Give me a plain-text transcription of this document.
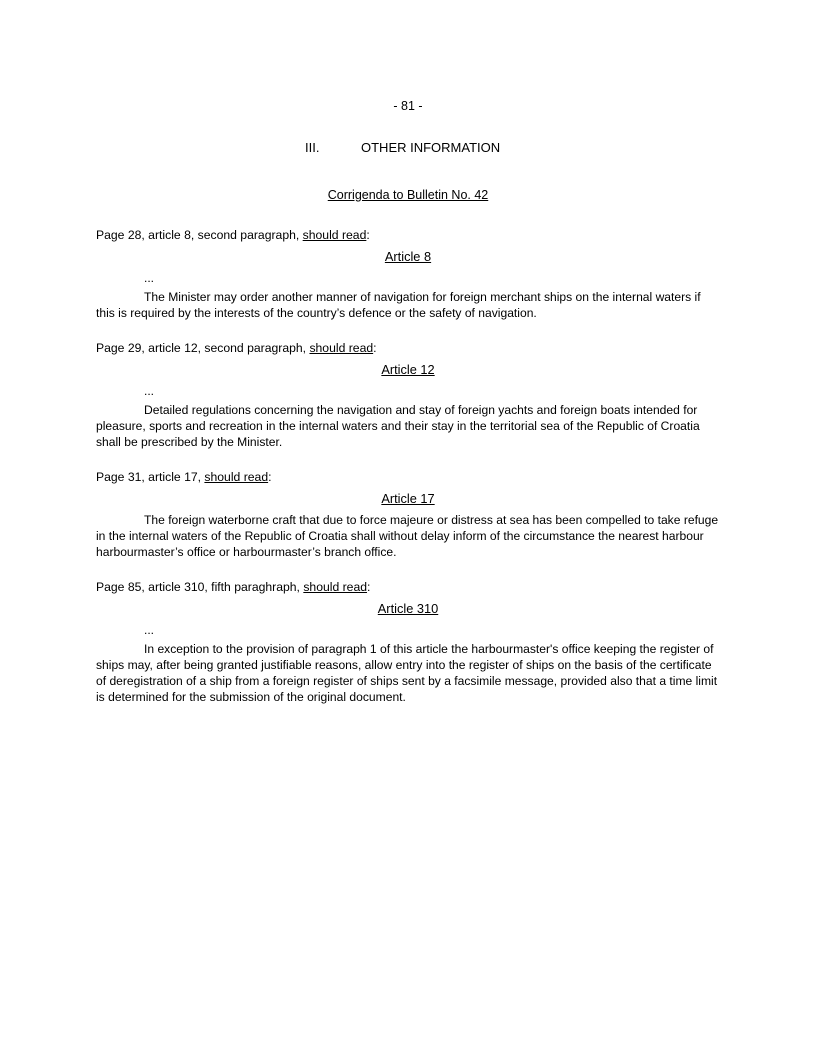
- 81 -
III.	OTHER INFORMATION
Corrigenda to Bulletin No. 42

Page 28, article 8, second paragraph, should read:

Article 8
...

The Minister may order another manner of navigation for foreign merchant ships on the internal waters if this is required by the interests of the country’s defence or the safety of navigation.

Page 29, article 12, second paragraph, should read:

Article 12
...

Detailed regulations concerning the navigation and stay of foreign yachts and foreign boats intended for pleasure, sports and recreation in the internal waters and their stay in the territorial sea of the Republic of Croatia shall be prescribed by the Minister.

Page 31, article 17, should read:

Article 17

The foreign waterborne craft that due to force majeure or distress at sea has been compelled to take refuge in the internal waters of the Republic of Croatia shall without delay inform of the circumstance the nearest harbour harbourmaster’s office or harbourmaster’s branch office.

Page 85, article 310, fifth paraghraph, should read:

Article 310
...

In exception to the provision of paragraph 1 of this article the harbourmaster's office keeping the register of ships may, after being granted justifiable reasons, allow entry into the register of ships on the basis of the certificate of deregistration of a ship from a foreign register of ships sent by a facsimile message, provided also that a time limit is determined for the submission of the original document.
